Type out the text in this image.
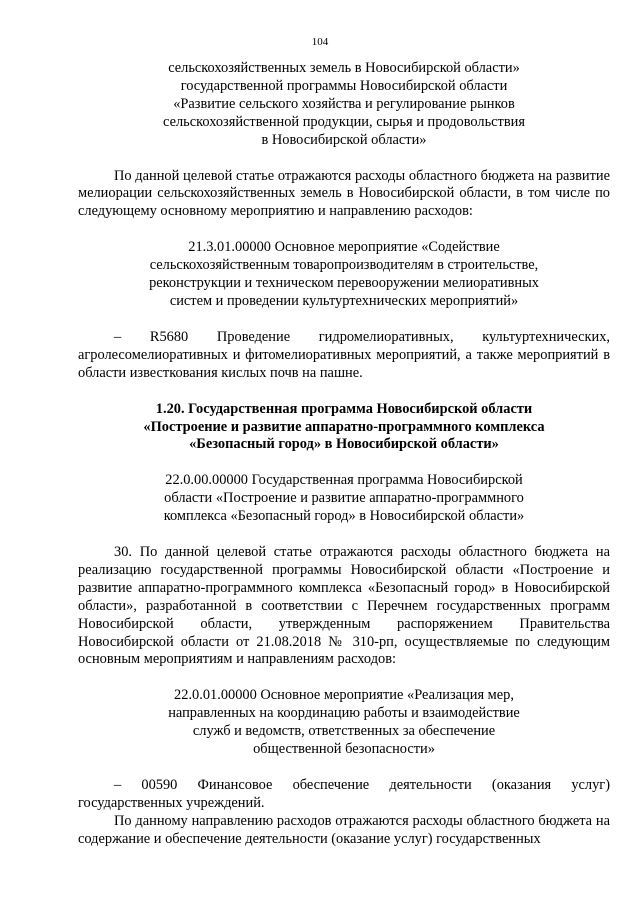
104
сельскохозяйственных земель в Новосибирской области»
государственной программы Новосибирской области
«Развитие сельского хозяйства и регулирование рынков
сельскохозяйственной продукции, сырья и продовольствия
в Новосибирской области»

По данной целевой статье отражаются расходы областного бюджета на развитие мелиорации сельскохозяйственных земель в Новосибирской области, в том числе по следующему основному мероприятию и направлению расходов:

21.3.01.00000 Основное мероприятие «Содействие
сельскохозяйственным товаропроизводителям в строительстве,
реконструкции и техническом перевооружении мелиоративных
систем и проведении культуртехнических мероприятий»

– R5680 Проведение гидромелиоративных, культуртехнических, агролесомелиоративных и фитомелиоративных мероприятий, а также мероприятий в области известкования кислых почв на пашне.

1.20. Государственная программа Новосибирской области
«Построение и развитие аппаратно-программного комплекса
«Безопасный город» в Новосибирской области»
22.0.00.00000 Государственная программа Новосибирской
области «Построение и развитие аппаратно-программного
комплекса «Безопасный город» в Новосибирской области»

30. По данной целевой статье отражаются расходы областного бюджета на реализацию государственной программы Новосибирской области «Построение и развитие аппаратно-программного комплекса «Безопасный город» в Новосибирской области», разработанной в соответствии с Перечнем государственных программ Новосибирской области, утвержденным распоряжением Правительства Новосибирской области от 21.08.2018 № 310-рп, осуществляемые по следующим основным мероприятиям и направлениям расходов:

22.0.01.00000 Основное мероприятие «Реализация мер,
направленных на координацию работы и взаимодействие
служб и ведомств, ответственных за обеспечение
общественной безопасности»

– 00590 Финансовое обеспечение деятельности (оказания услуг) государственных учреждений.

По данному направлению расходов отражаются расходы областного бюджета на содержание и обеспечение деятельности (оказание услуг) государственных
